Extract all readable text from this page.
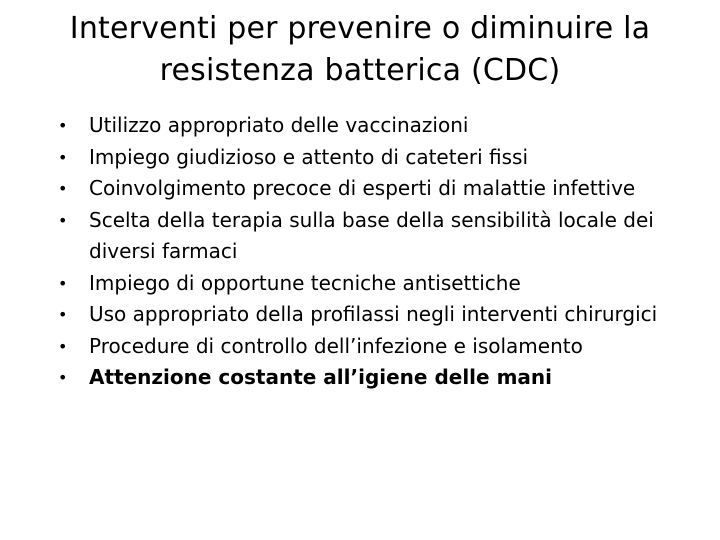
Interventi per prevenire o diminuire la
resistenza batterica (CDC)
• Utilizzo appropriato delle vaccinazioni
• Impiego giudizioso e attento di cateteri fissi
• Coinvolgimento precoce di esperti di malattie infettive
• Scelta della terapia sulla base della sensibilità locale dei diversi farmaci
• Impiego di opportune tecniche antisettiche
• Uso appropriato della profilassi negli interventi chirurgici
• Procedure di controllo dell’infezione e isolamento
• Attenzione costante all’igiene delle mani
